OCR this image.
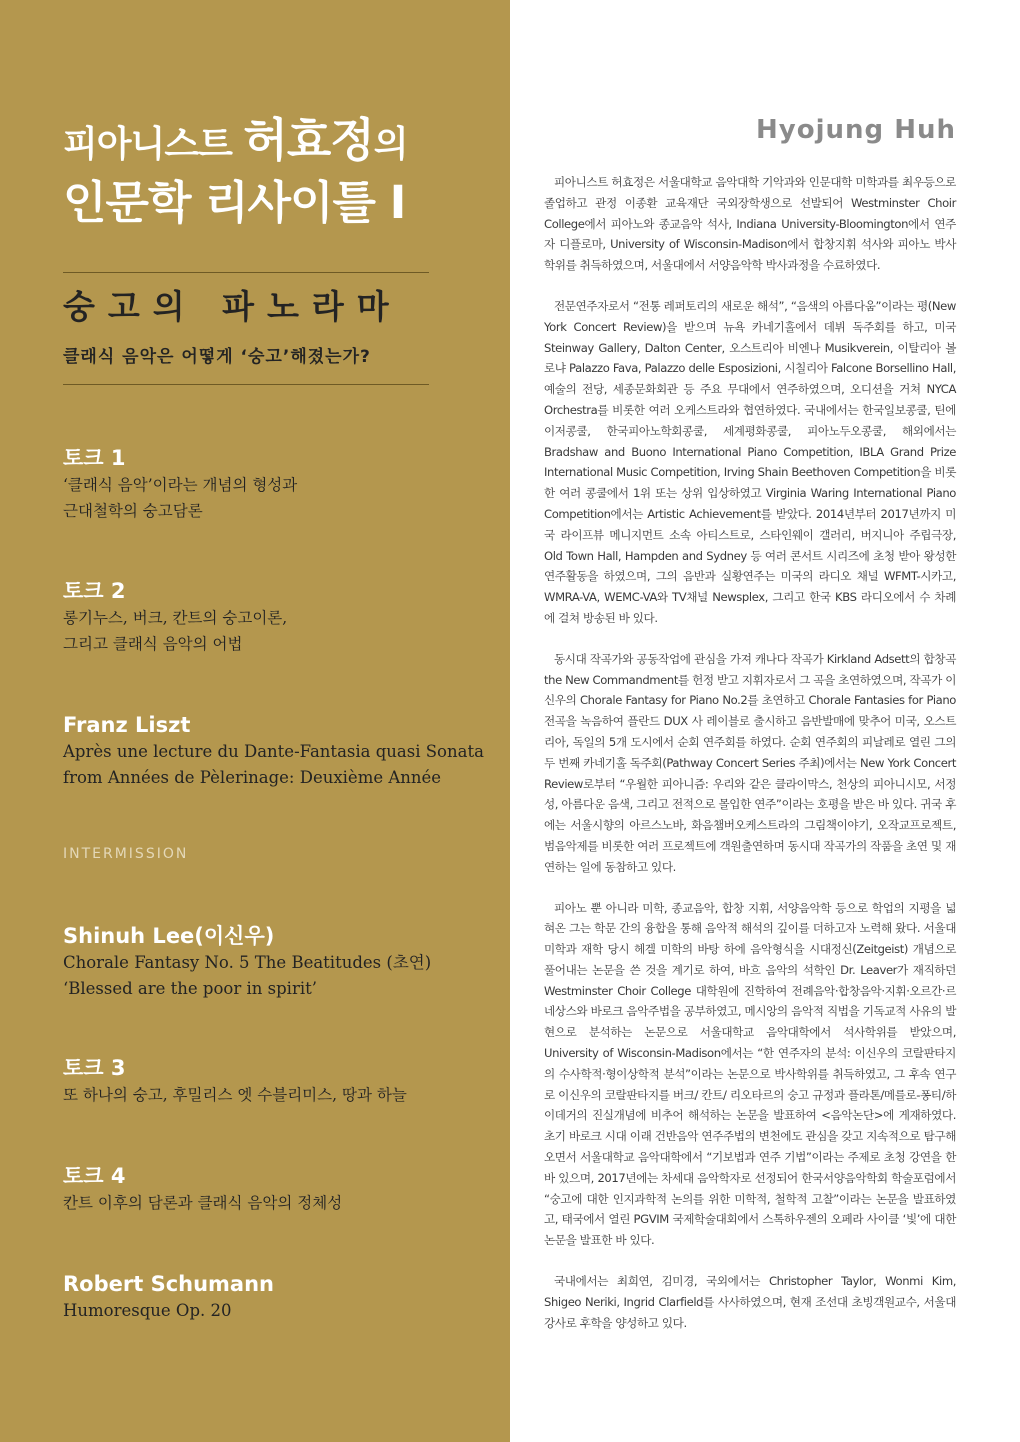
피아니스트 허효정의
인문학 리사이틀 I
숭고의 파노라마
클래식 음악은 어떻게 ‘숭고’해졌는가?
토크 1
‘클래식 음악’이라는 개념의 형성과
근대철학의 숭고담론
토크 2
롱기누스, 버크, 칸트의 숭고이론,
그리고 클래식 음악의 어법
Franz Liszt
Après une lecture du Dante-Fantasia quasi Sonata
from Années de Pèlerinage: Deuxième Année
INTERMISSION
Shinuh Lee(이신우)
Chorale Fantasy No. 5 The Beatitudes (초연)
‘Blessed are the poor in spirit’
토크 3
또 하나의 숭고, 후밀리스 엣 수블리미스, 땅과 하늘
토크 4
칸트 이후의 담론과 클래식 음악의 정체성
Robert Schumann
Humoresque Op. 20
Hyojung Huh

피아니스트 허효정은 서울대학교 음악대학 기악과와 인문대학 미학과를 최우등으로 졸업하고 관정 이종환 교육재단 국외장학생으로 선발되어 Westminster Choir College에서 피아노와 종교음악 석사, Indiana University-Bloomington에서 연주자 디플로마, University of Wisconsin-Madison에서 합창지휘 석사와 피아노 박사학위를 취득하였으며, 서울대에서 서양음악학 박사과정을 수료하였다.

전문연주자로서 “전통 레퍼토리의 새로운 해석”, “음색의 아름다움”이라는 평(New York Concert Review)을 받으며 뉴욕 카네기홀에서 데뷔 독주회를 하고, 미국 Steinway Gallery, Dalton Center, 오스트리아 비엔나 Musikverein, 이탈리아 볼로냐 Palazzo Fava, Palazzo delle Esposizioni, 시칠리아 Falcone Borsellino Hall, 예술의 전당, 세종문화회관 등 주요 무대에서 연주하였으며, 오디션을 거쳐 NYCA Orchestra를 비롯한 여러 오케스트라와 협연하였다. 국내에서는 한국일보콩쿨, 틴에이저콩쿨, 한국피아노학회콩쿨, 세계평화콩쿨, 피아노두오콩쿨, 해외에서는 Bradshaw and Buono International Piano Competition, IBLA Grand Prize International Music Competition, Irving Shain Beethoven Competition을 비롯한 여러 콩쿨에서 1위 또는 상위 입상하였고 Virginia Waring International Piano Competition에서는 Artistic Achievement를 받았다. 2014년부터 2017년까지 미국 라이프뷰 메니지먼트 소속 아티스트로, 스타인웨이 갤러리, 버지니아 주립극장, Old Town Hall, Hampden and Sydney 등 여러 콘서트 시리즈에 초청 받아 왕성한 연주활동을 하였으며, 그의 음반과 실황연주는 미국의 라디오 채널 WFMT-시카고, WMRA-VA, WEMC-VA와 TV채널 Newsplex, 그리고 한국 KBS 라디오에서 수 차례에 걸쳐 방송된 바 있다.

동시대 작곡가와 공동작업에 관심을 가져 캐나다 작곡가 Kirkland Adsett의 합창곡 the New Commandment를 헌정 받고 지휘자로서 그 곡을 초연하였으며, 작곡가 이신우의 Chorale Fantasy for Piano No.2를 초연하고 Chorale Fantasies for Piano 전곡을 녹음하여 플란드 DUX 사 레이블로 출시하고 음반발매에 맞추어 미국, 오스트리아, 독일의 5개 도시에서 순회 연주회를 하였다. 순회 연주회의 피날레로 열린 그의 두 번째 카네기홀 독주회(Pathway Concert Series 주최)에서는 New York Concert Review로부터 “우월한 피아니즘: 우리와 같은 클라이막스, 천상의 피아니시모, 서정성, 아름다운 음색, 그리고 전적으로 몰입한 연주”이라는 호평을 받은 바 있다. 귀국 후에는 서울시향의 아르스노바, 화음챔버오케스트라의 그림책이야기, 오작교프로젝트, 범음악제를 비롯한 여러 프로젝트에 객원출연하며 동시대 작곡가의 작품을 초연 및 재연하는 일에 동참하고 있다.

피아노 뿐 아니라 미학, 종교음악, 합창 지휘, 서양음악학 등으로 학업의 지평을 넓혀온 그는 학문 간의 융합을 통해 음악적 해석의 깊이를 더하고자 노력해 왔다. 서울대 미학과 재학 당시 헤겔 미학의 바탕 하에 음악형식을 시대정신(Zeitgeist) 개념으로 풀어내는 논문을 쓴 것을 계기로 하여, 바흐 음악의 석학인 Dr. Leaver가 재직하던 Westminster Choir College 대학원에 진학하여 전례음악·합창음악·지휘·오르간·르네상스와 바로크 음악주법을 공부하였고, 메시앙의 음악적 직법을 기독교적 사유의 발현으로 분석하는 논문으로 서울대학교 음악대학에서 석사학위를 받았으며, University of Wisconsin-Madison에서는 “한 연주자의 분석: 이신우의 코랄판타지의 수사학적·형이상학적 분석”이라는 논문으로 박사학위를 취득하였고, 그 후속 연구로 이신우의 코랄판타지를 버크/ 칸트/ 리오타르의 숭고 규정과 플라톤/메를로-퐁티/하이데거의 진실개념에 비추어 해석하는 논문을 발표하여 <음악논단>에 게재하였다. 초기 바로크 시대 이래 건반음악 연주주법의 변천에도 관심을 갖고 지속적으로 탐구해 오면서 서울대학교 음악대학에서 “기보법과 연주 기법”이라는 주제로 초청 강연을 한 바 있으며, 2017년에는 차세대 음악학자로 선정되어 한국서양음악학회 학술포럼에서 “숭고에 대한 인지과학적 논의를 위한 미학적, 철학적 고찰”이라는 논문을 발표하였고, 태국에서 열린 PGVIM 국제학술대회에서 스톡하우젠의 오페라 사이클 ‘빛’에 대한 논문을 발표한 바 있다.

국내에서는 최희연, 김미경, 국외에서는 Christopher Taylor, Wonmi Kim, Shigeo Neriki, Ingrid Clarfield를 사사하였으며, 현재 조선대 초빙객원교수, 서울대 강사로 후학을 양성하고 있다.
